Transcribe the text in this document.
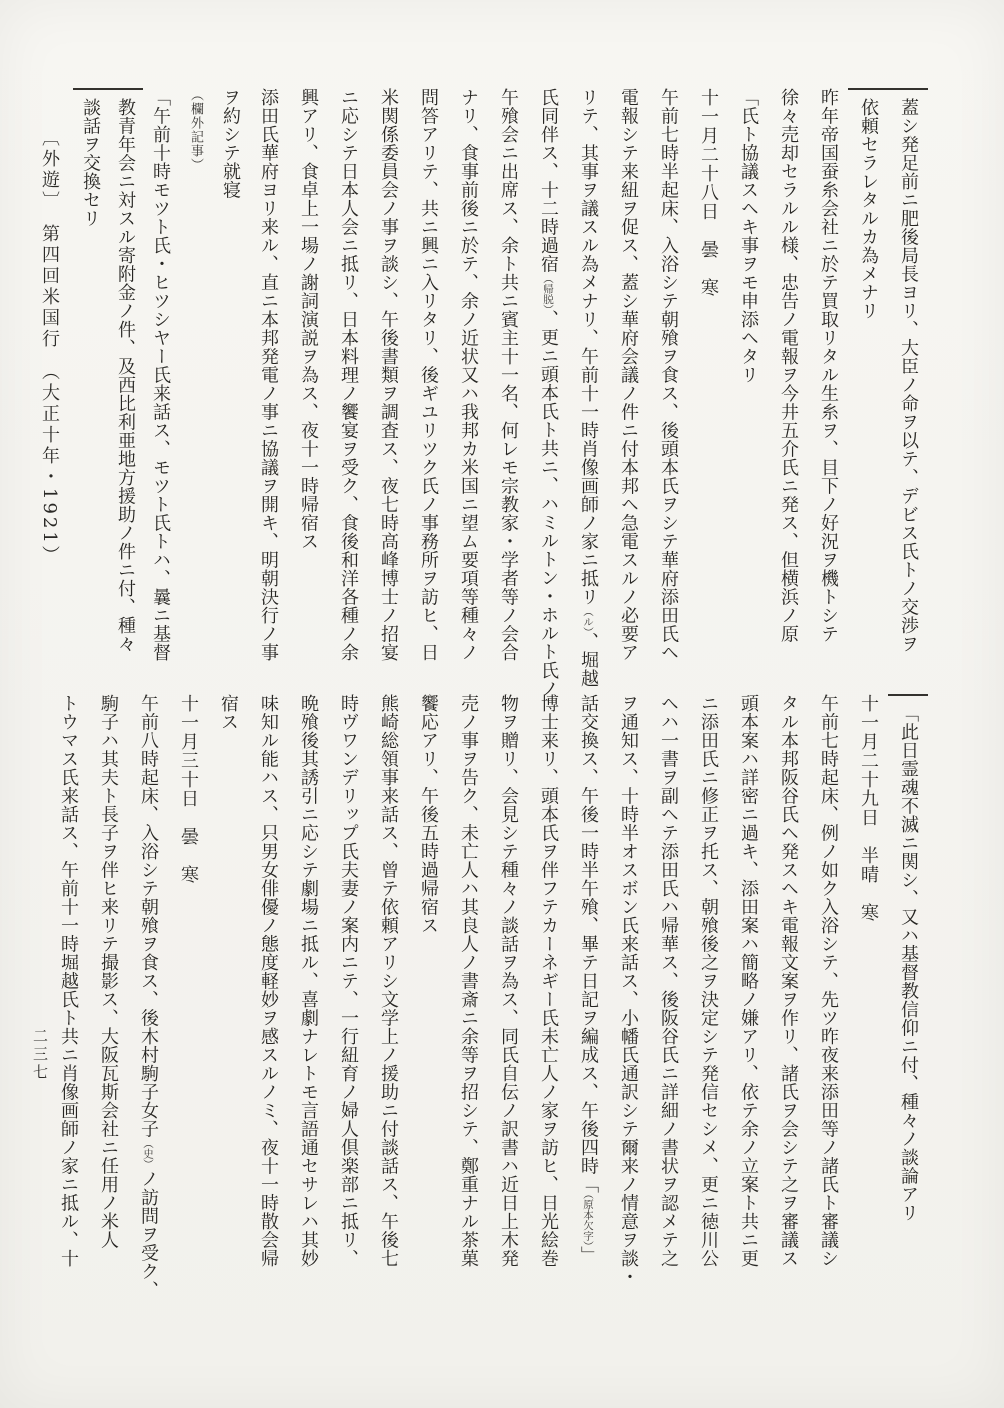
蓋シ発足前ニ肥後局長ヨリ、大臣ノ命ヲ以テ、デビス氏トノ交渉ヲ

依頼セラレタルカ為メナリ

昨年帝国蚕糸会社ニ於テ買取リタル生糸ヲ、目下ノ好況ヲ機トシテ

徐々売却セラルル様、忠告ノ電報ヲ今井五介氏ニ発ス、但横浜ノ原

「氏ト協議スヘキ事ヲモ申添ヘタリ

十一月二十八日　曇　寒

午前七時半起床、入浴シテ朝飱ヲ食ス、後頭本氏ヲシテ華府添田氏ヘ

電報シテ来紐ヲ促ス、蓋シ華府会議ノ件ニ付本邦ヘ急電スルノ必要ア

リテ、其事ヲ議スル為メナリ、午前十一時肖像画師ノ家ニ抵リ（ル）、堀越

氏同伴ス、十二時過宿（帰脱）、更ニ頭本氏ト共ニ、ハミルトン・ホルト氏ノ

午飱会ニ出席ス、余ト共ニ賓主十一名、何レモ宗教家・学者等ノ会合

ナリ、食事前後ニ於テ、余ノ近状又ハ我邦カ米国ニ望ム要項等種々ノ

問答アリテ、共ニ興ニ入リタリ、後ギユリツク氏ノ事務所ヲ訪ヒ、日

米関係委員会ノ事ヲ談シ、午後書類ヲ調査ス、夜七時高峰博士ノ招宴

ニ応シテ日本人会ニ抵リ、日本料理ノ饗宴ヲ受ク、食後和洋各種ノ余

興アリ、食卓上一場ノ謝詞演説ヲ為ス、夜十一時帰宿ス

添田氏華府ヨリ来ル、直ニ本邦発電ノ事ニ協議ヲ開キ、明朝決行ノ事

ヲ約シテ就寝

（欄外記事）

「午前十時モツト氏・ヒツシヤー氏来話ス、モツト氏トハ、曩ニ基督

教青年会ニ対スル寄附金ノ件、及西比利亜地方援助ノ件ニ付、種々

談話ヲ交換セリ

「此日霊魂不滅ニ関シ、又ハ基督教信仰ニ付、種々ノ談論アリ

十一月二十九日　半晴　寒

午前七時起床、例ノ如ク入浴シテ、先ツ昨夜来添田等ノ諸氏ト審議シ

タル本邦阪谷氏ヘ発スヘキ電報文案ヲ作リ、諸氏ヲ会シテ之ヲ審議ス

頭本案ハ詳密ニ過キ、添田案ハ簡略ノ嫌アリ、依テ余ノ立案ト共ニ更

ニ添田氏ニ修正ヲ托ス、朝飱後之ヲ決定シテ発信セシメ、更ニ徳川公

ヘハ一書ヲ副ヘテ添田氏ハ帰華ス、後阪谷氏ニ詳細ノ書状ヲ認メテ之

ヲ通知ス、十時半オスボン氏来話ス、小幡氏通訳シテ爾来ノ情意ヲ談・

話交換ス、午後一時半午飱、畢テ日記ヲ編成ス、午後四時「（原本欠字）」

博士来リ、頭本氏ヲ伴フテカーネギー氏未亡人ノ家ヲ訪ヒ、日光絵巻

物ヲ贈リ、会見シテ種々ノ談話ヲ為ス、同氏自伝ノ訳書ハ近日上木発

売ノ事ヲ告ク、未亡人ハ其良人ノ書斎ニ余等ヲ招シテ、鄭重ナル茶菓

饗応アリ、午後五時過帰宿ス

熊崎総領事来話ス、曾テ依頼アリシ文学上ノ援助ニ付談話ス、午後七

時ヴワンデリップ氏夫妻ノ案内ニテ、一行紐育ノ婦人倶楽部ニ抵リ、

晩飱後其誘引ニ応シテ劇場ニ抵ル、喜劇ナレトモ言語通セサレハ其妙

味知ル能ハス、只男女俳優ノ態度軽妙ヲ感スルノミ、夜十一時散会帰

宿ス

十一月三十日　曇　寒

午前八時起床、入浴シテ朝飱ヲ食ス、後木村駒子女子（史）ノ訪問ヲ受ク、

駒子ハ其夫ト長子ヲ伴ヒ来リテ撮影ス、大阪瓦斯会社ニ任用ノ米人

トウマス氏来話ス、午前十一時堀越氏ト共ニ肖像画師ノ家ニ抵ル、十

〔外遊〕　第四回米国行　（大正十年・1921）
二三七
